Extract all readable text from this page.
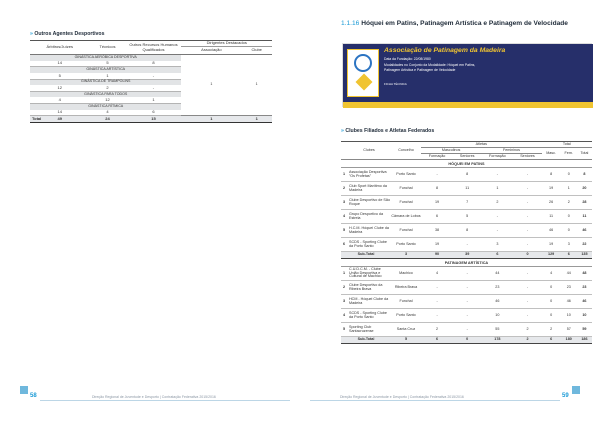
» Outros Agentes Desportivos
Árbitros/Juízes	Técnicos	Outros Recursos Humanos Qualificados	Dirigentes Destacados	
			Associação	Clube
GINÁSTICA AERÓBICA DESPORTIVA			1	1
14	5	8		
GINÁSTICA ARTÍSTICA				
5	1	-		
GINÁSTICA DE TRAMPOLINS				
12	2	-		
GINÁSTICA PARA TODOS				
4	12	1		
GINÁSTICA RÍTMICA				
14	4	6		

Total 49	24	15	1	1
58	Direção Regional de Juventude e Desporto | Contratação Federativa 2015/2016
1.1.16 Hóquei em Patins, Patinagem Artística e Patinagem de Velocidade
Associação de Patinagem da Madeira
Data da Fundação: 22/08/1980
Modalidades no Conjunto da Modalidade: Hóquei em Patins,
Patinagem Artística e Patinagem de Velocidade
FICHA TÉCNICA
» Clubes Filiados e Atletas Federados
	Clubes	Concelho	Atletas				Total		
			Masculinos		Femininos		Masc.	Fem.	Total
			Formação	Seniores	Formação	Seniores			
HÓQUEI EM PATINS									
1	Associação Desportiva "Os Profetas"	Porto Santo	-	8	-	-	8	0	8
2	Club Sport Marítimo da Madeira	Funchal	8	11	1	-	19	1	20
3	Clube Desportivo de São Roque	Funchal	19	7	2	-	26	2	28
4	Grupo Desportivo da Estrela	Câmara de Lobos	6	5	-	-	11	0	11
5	H.C.M. Hóquei Clube da Madeira	Funchal	38	8	-	-	46	0	46
6	SCDS - Sporting Clube da Porto Santo	Porto Santo	19	-	3	-	19	3	22
Sub-Total		3	90	39	6	0	129	6	135
PATINAGEM ARTÍSTICA									
1	C.U.D.C.M. - Clube União Desportiva e Cultural de Machico	Machico	4	-	44	-	4	44	48
2	Clube Desportivo da Ribeira Brava	Ribeira Brava	-	-	23	-	0	23	23
3	HCM - Hóquei Clube da Madeira	Funchal	-	-	46	-	0	46	46
4	SCDS - Sporting Clube da Porto Santo	Porto Santo	-	-	10	-	0	10	10
5	Sporting Club Santacruzense	Santa Cruz	2	-	55	2	2	57	59
Sub-Total		5	6	0	178	2	6	180	186
Direção Regional de Juventude e Desporto | Contratação Federativa 2015/2016	59
